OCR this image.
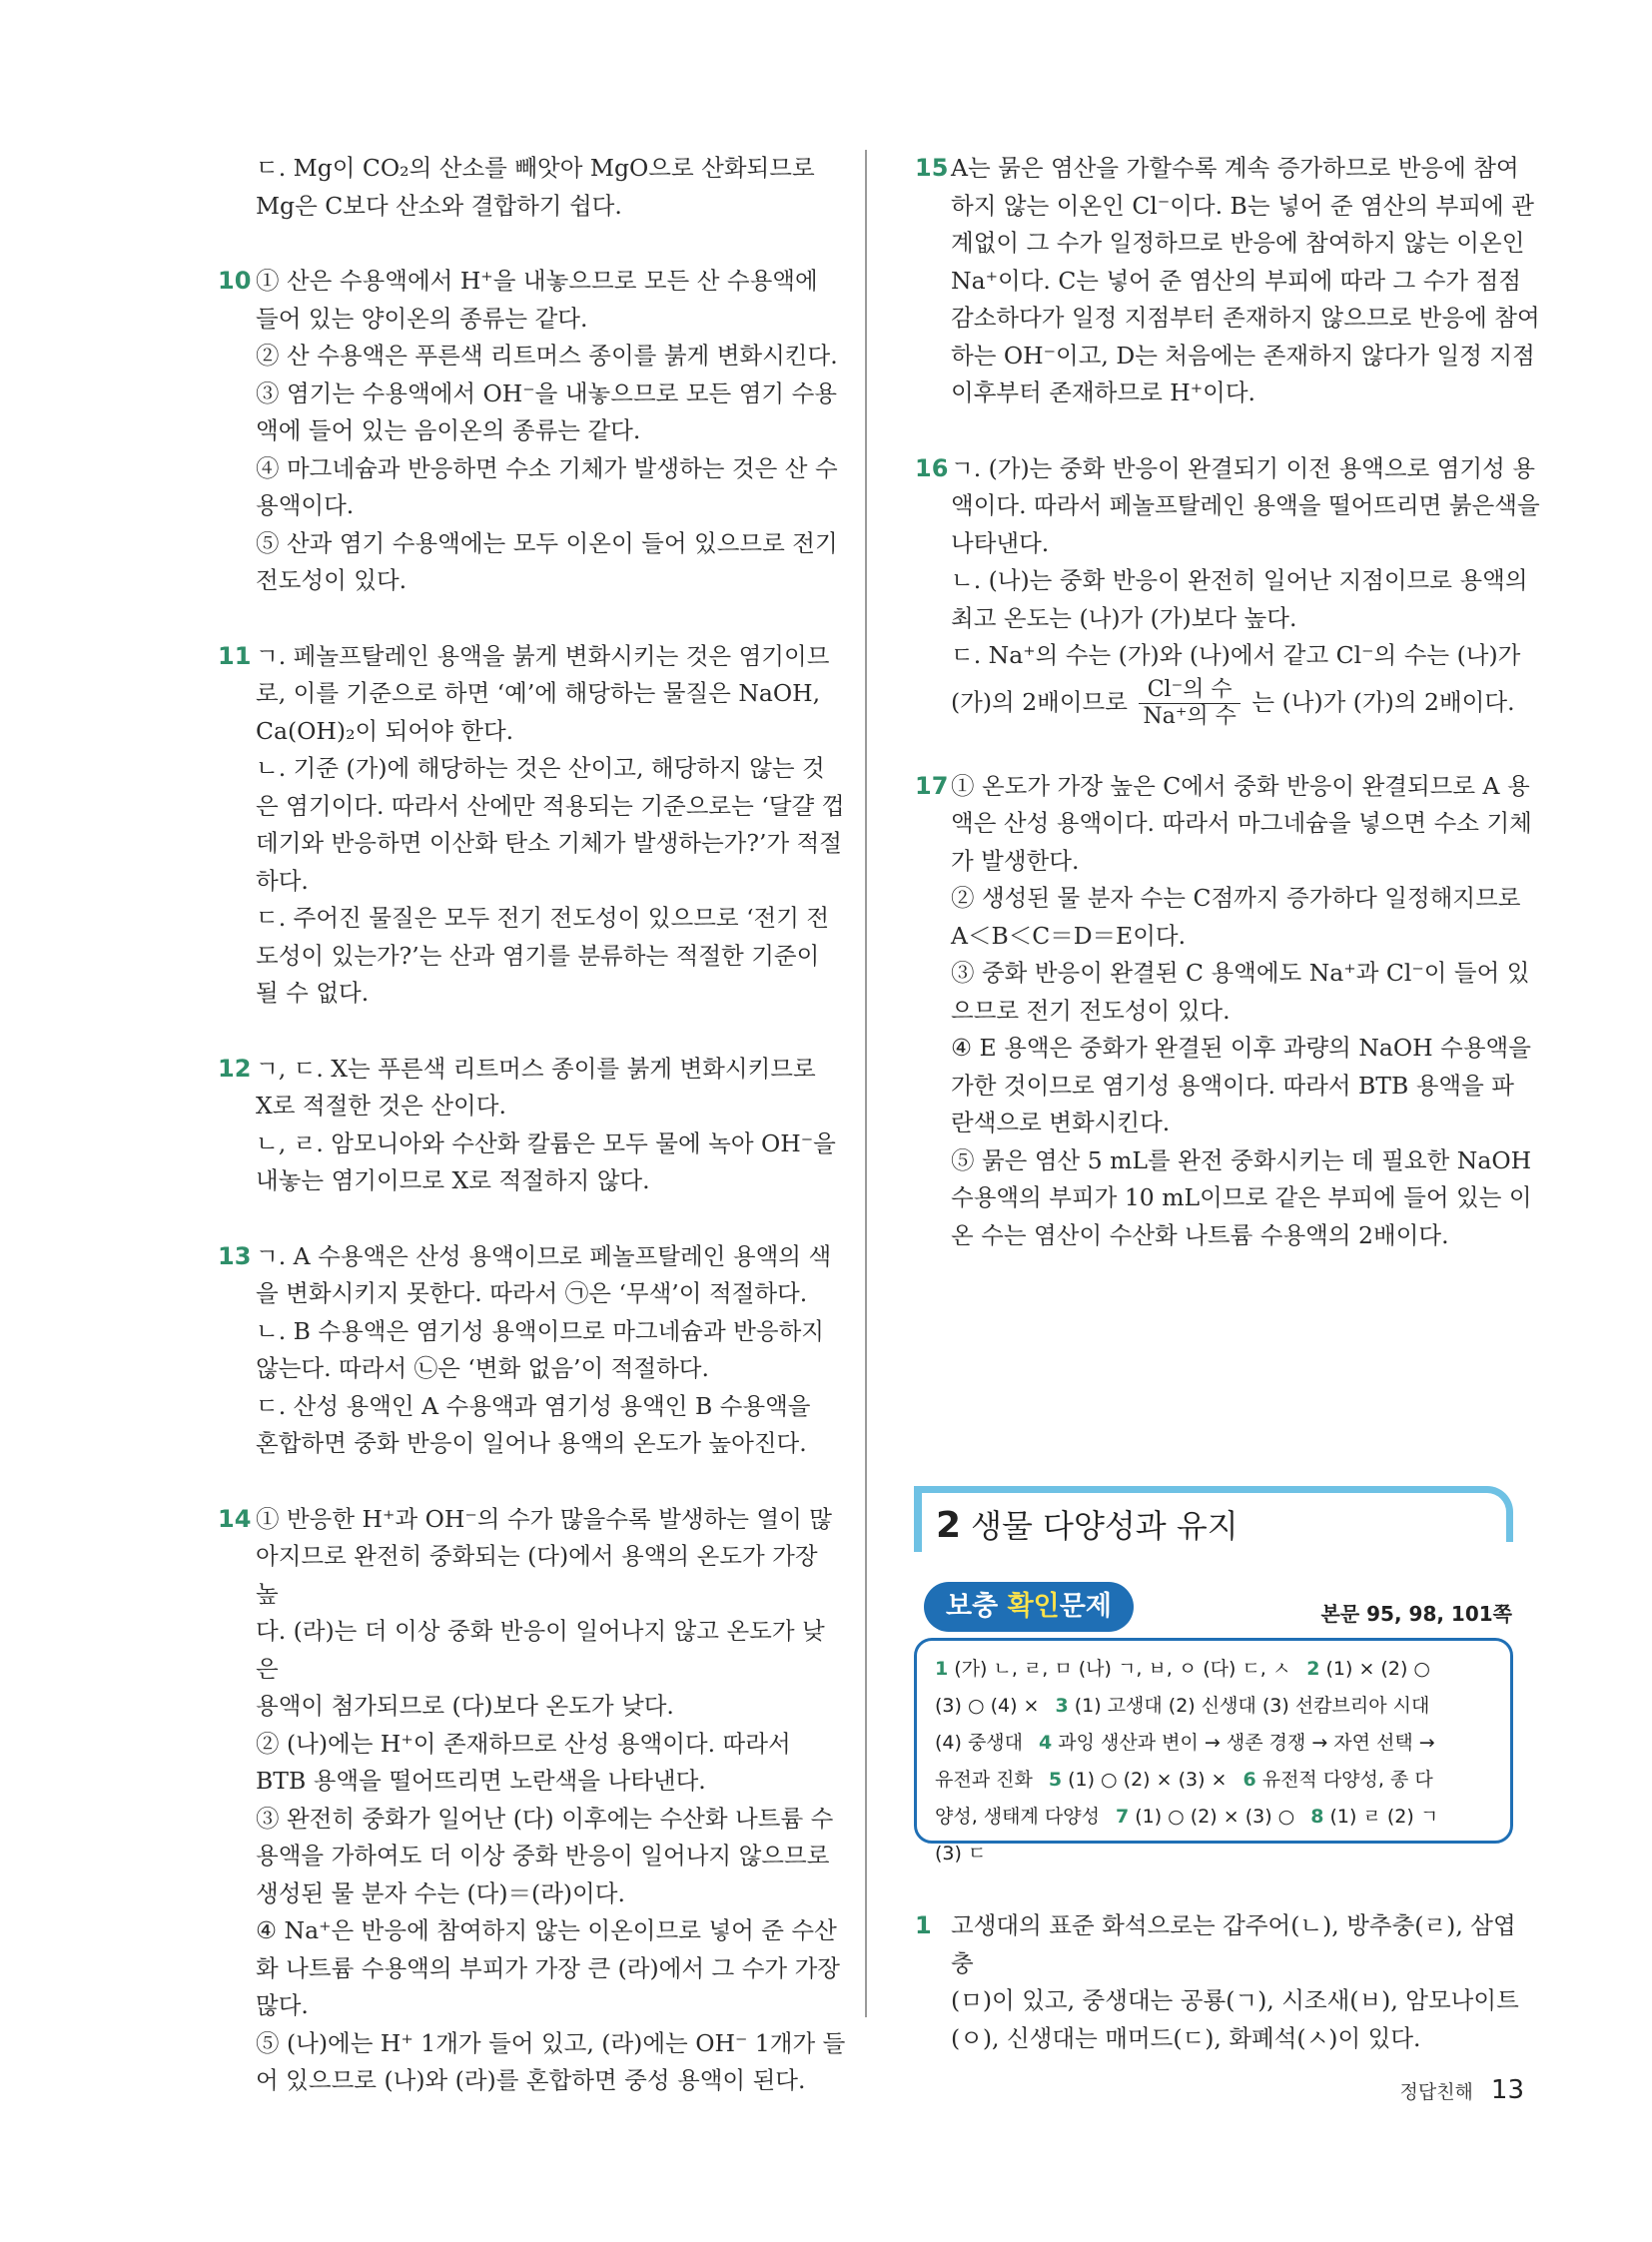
ㄷ. Mg이 CO₂의 산소를 빼앗아 MgO으로 산화되므로

Mg은 C보다 산소와 결합하기 쉽다.

10 ① 산은 수용액에서 H⁺을 내놓으므로 모든 산 수용액에

들어 있는 양이온의 종류는 같다.

② 산 수용액은 푸른색 리트머스 종이를 붉게 변화시킨다.

③ 염기는 수용액에서 OH⁻을 내놓으므로 모든 염기 수용

액에 들어 있는 음이온의 종류는 같다.

④ 마그네슘과 반응하면 수소 기체가 발생하는 것은 산 수

용액이다.

⑤ 산과 염기 수용액에는 모두 이온이 들어 있으므로 전기

전도성이 있다.

11 ㄱ. 페놀프탈레인 용액을 붉게 변화시키는 것은 염기이므

로, 이를 기준으로 하면 ‘예’에 해당하는 물질은 NaOH,

Ca(OH)₂이 되어야 한다.

ㄴ. 기준 (가)에 해당하는 것은 산이고, 해당하지 않는 것

은 염기이다. 따라서 산에만 적용되는 기준으로는 ‘달걀 껍

데기와 반응하면 이산화 탄소 기체가 발생하는가?’가 적절

하다.

ㄷ. 주어진 물질은 모두 전기 전도성이 있으므로 ‘전기 전

도성이 있는가?’는 산과 염기를 분류하는 적절한 기준이

될 수 없다.

12 ㄱ, ㄷ. X는 푸른색 리트머스 종이를 붉게 변화시키므로

X로 적절한 것은 산이다.

ㄴ, ㄹ. 암모니아와 수산화 칼륨은 모두 물에 녹아 OH⁻을

내놓는 염기이므로 X로 적절하지 않다.

13 ㄱ. A 수용액은 산성 용액이므로 페놀프탈레인 용액의 색

을 변화시키지 못한다. 따라서 ㉠은 ‘무색’이 적절하다.

ㄴ. B 수용액은 염기성 용액이므로 마그네슘과 반응하지

않는다. 따라서 ㉡은 ‘변화 없음’이 적절하다.

ㄷ. 산성 용액인 A 수용액과 염기성 용액인 B 수용액을

혼합하면 중화 반응이 일어나 용액의 온도가 높아진다.

14 ① 반응한 H⁺과 OH⁻의 수가 많을수록 발생하는 열이 많

아지므로 완전히 중화되는 (다)에서 용액의 온도가 가장 높

다. (라)는 더 이상 중화 반응이 일어나지 않고 온도가 낮은

용액이 첨가되므로 (다)보다 온도가 낮다.

② (나)에는 H⁺이 존재하므로 산성 용액이다. 따라서

BTB 용액을 떨어뜨리면 노란색을 나타낸다.

③ 완전히 중화가 일어난 (다) 이후에는 수산화 나트륨 수

용액을 가하여도 더 이상 중화 반응이 일어나지 않으므로

생성된 물 분자 수는 (다)＝(라)이다.

④ Na⁺은 반응에 참여하지 않는 이온이므로 넣어 준 수산

화 나트륨 수용액의 부피가 가장 큰 (라)에서 그 수가 가장

많다.

⑤ (나)에는 H⁺ 1개가 들어 있고, (라)에는 OH⁻ 1개가 들

어 있으므로 (나)와 (라)를 혼합하면 중성 용액이 된다.

15 A는 묽은 염산을 가할수록 계속 증가하므로 반응에 참여

하지 않는 이온인 Cl⁻이다. B는 넣어 준 염산의 부피에 관

계없이 그 수가 일정하므로 반응에 참여하지 않는 이온인

Na⁺이다. C는 넣어 준 염산의 부피에 따라 그 수가 점점

감소하다가 일정 지점부터 존재하지 않으므로 반응에 참여

하는 OH⁻이고, D는 처음에는 존재하지 않다가 일정 지점

이후부터 존재하므로 H⁺이다.

16 ㄱ. (가)는 중화 반응이 완결되기 이전 용액으로 염기성 용

액이다. 따라서 페놀프탈레인 용액을 떨어뜨리면 붉은색을

나타낸다.

ㄴ. (나)는 중화 반응이 완전히 일어난 지점이므로 용액의

최고 온도는 (나)가 (가)보다 높다.

ㄷ. Na⁺의 수는 (가)와 (나)에서 같고 Cl⁻의 수는 (나)가

(가)의 2배이므로 $\frac{\text{Cl⁻의 수}}{\text{Na⁺의 수}}$ 는 (나)가 (가)의 2배이다.

17 ① 온도가 가장 높은 C에서 중화 반응이 완결되므로 A 용

액은 산성 용액이다. 따라서 마그네슘을 넣으면 수소 기체

가 발생한다.

② 생성된 물 분자 수는 C점까지 증가하다 일정해지므로

A＜B＜C＝D＝E이다.

③ 중화 반응이 완결된 C 용액에도 Na⁺과 Cl⁻이 들어 있

으므로 전기 전도성이 있다.

④ E 용액은 중화가 완결된 이후 과량의 NaOH 수용액을

가한 것이므로 염기성 용액이다. 따라서 BTB 용액을 파

란색으로 변화시킨다.

⑤ 묽은 염산 5 mL를 완전 중화시키는 데 필요한 NaOH

수용액의 부피가 10 mL이므로 같은 부피에 들어 있는 이

온 수는 염산이 수산화 나트륨 수용액의 2배이다.

2 생물 다양성과 유지
보충 확인문제	본문 95, 98, 101쪽
1 (가) ㄴ, ㄹ, ㅁ (나) ㄱ, ㅂ, ㅇ (다) ㄷ, ㅅ 2 (1) × (2) ○
(3) ○ (4) × 3 (1) 고생대 (2) 신생대 (3) 선캄브리아 시대
(4) 중생대 4 과잉 생산과 변이 → 생존 경쟁 → 자연 선택 →
유전과 진화 5 (1) ○ (2) × (3) × 6 유전적 다양성, 종 다
양성, 생태계 다양성 7 (1) ○ (2) × (3) ○ 8 (1) ㄹ (2) ㄱ
(3) ㄷ
1 고생대의 표준 화석으로는 갑주어(ㄴ), 방추충(ㄹ), 삼엽충

(ㅁ)이 있고, 중생대는 공룡(ㄱ), 시조새(ㅂ), 암모나이트

(ㅇ), 신생대는 매머드(ㄷ), 화폐석(ㅅ)이 있다.

정답친해 13
